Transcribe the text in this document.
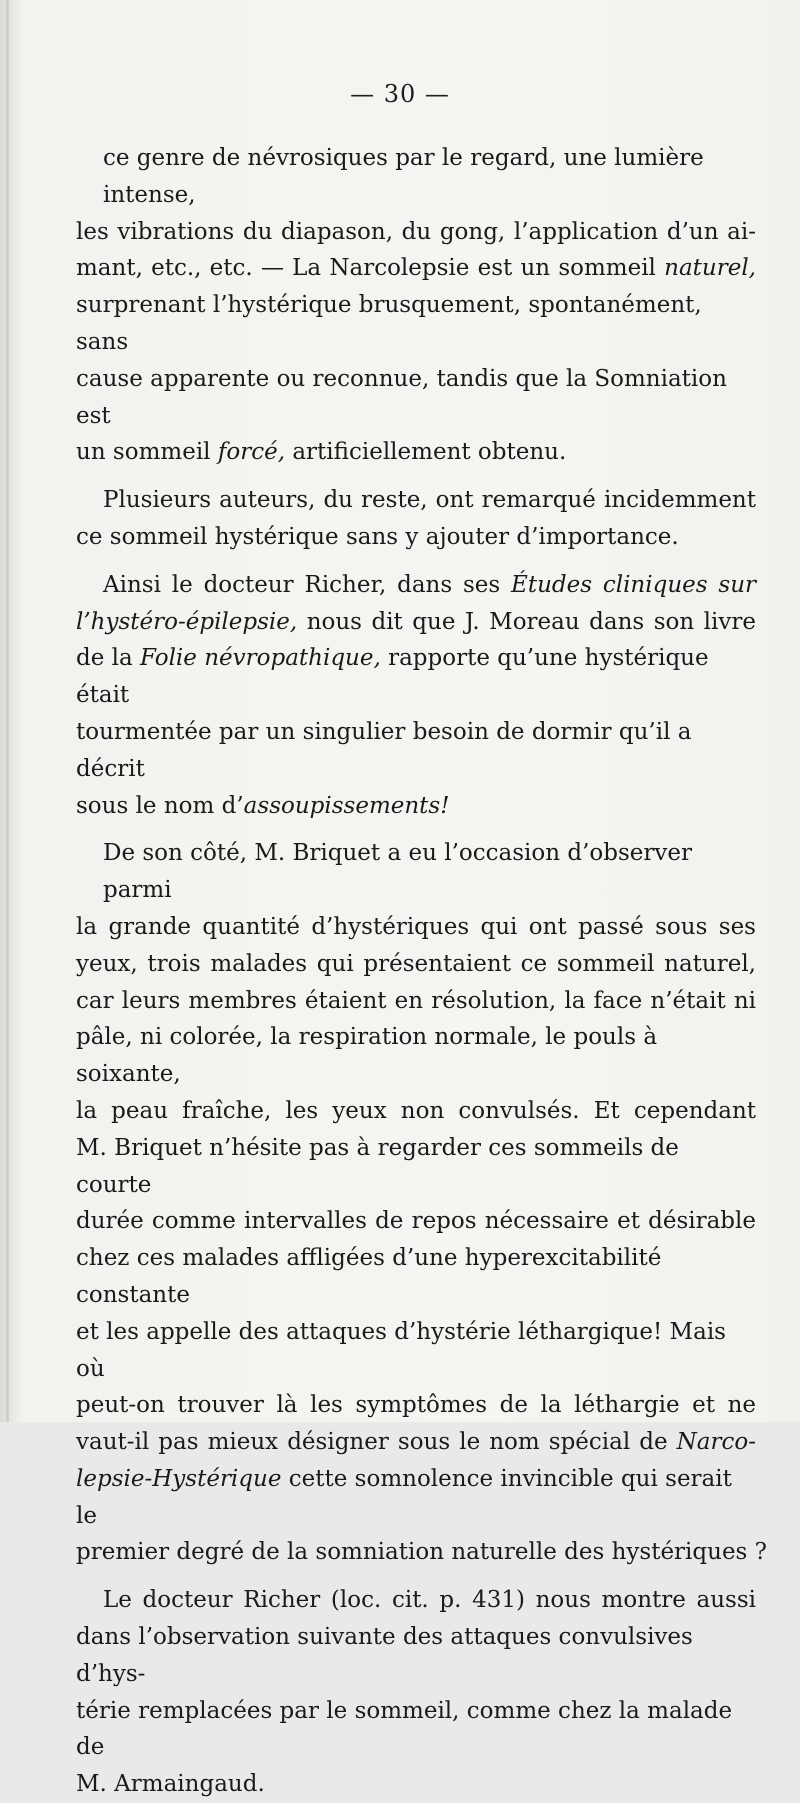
— 30 —
ce genre de névrosiques par le regard, une lumière intense,
les vibrations du diapason, du gong, l’application d’un ai-
mant, etc., etc. — La Narcolepsie est un sommeil naturel,
surprenant l’hystérique brusquement, spontanément, sans
cause apparente ou reconnue, tandis que la Somniation est
un sommeil forcé, artificiellement obtenu.
Plusieurs auteurs, du reste, ont remarqué incidemment
ce sommeil hystérique sans y ajouter d’importance.
Ainsi le docteur Richer, dans ses Études cliniques sur
l’hystéro-épilepsie, nous dit que J. Moreau dans son livre
de la Folie névropathique, rapporte qu’une hystérique était
tourmentée par un singulier besoin de dormir qu’il a décrit
sous le nom d’assoupissements!
De son côté, M. Briquet a eu l’occasion d’observer parmi
la grande quantité d’hystériques qui ont passé sous ses
yeux, trois malades qui présentaient ce sommeil naturel,
car leurs membres étaient en résolution, la face n’était ni
pâle, ni colorée, la respiration normale, le pouls à soixante,
la peau fraîche, les yeux non convulsés. Et cependant
M. Briquet n’hésite pas à regarder ces sommeils de courte
durée comme intervalles de repos nécessaire et désirable
chez ces malades affligées d’une hyperexcitabilité constante
et les appelle des attaques d’hystérie léthargique! Mais où
peut-on trouver là les symptômes de la léthargie et ne
vaut-il pas mieux désigner sous le nom spécial de Narco-
lepsie-Hystérique cette somnolence invincible qui serait le
premier degré de la somniation naturelle des hystériques ?
Le docteur Richer (loc. cit. p. 431) nous montre aussi
dans l’observation suivante des attaques convulsives d’hys-
térie remplacées par le sommeil, comme chez la malade de
M. Armaingaud.
